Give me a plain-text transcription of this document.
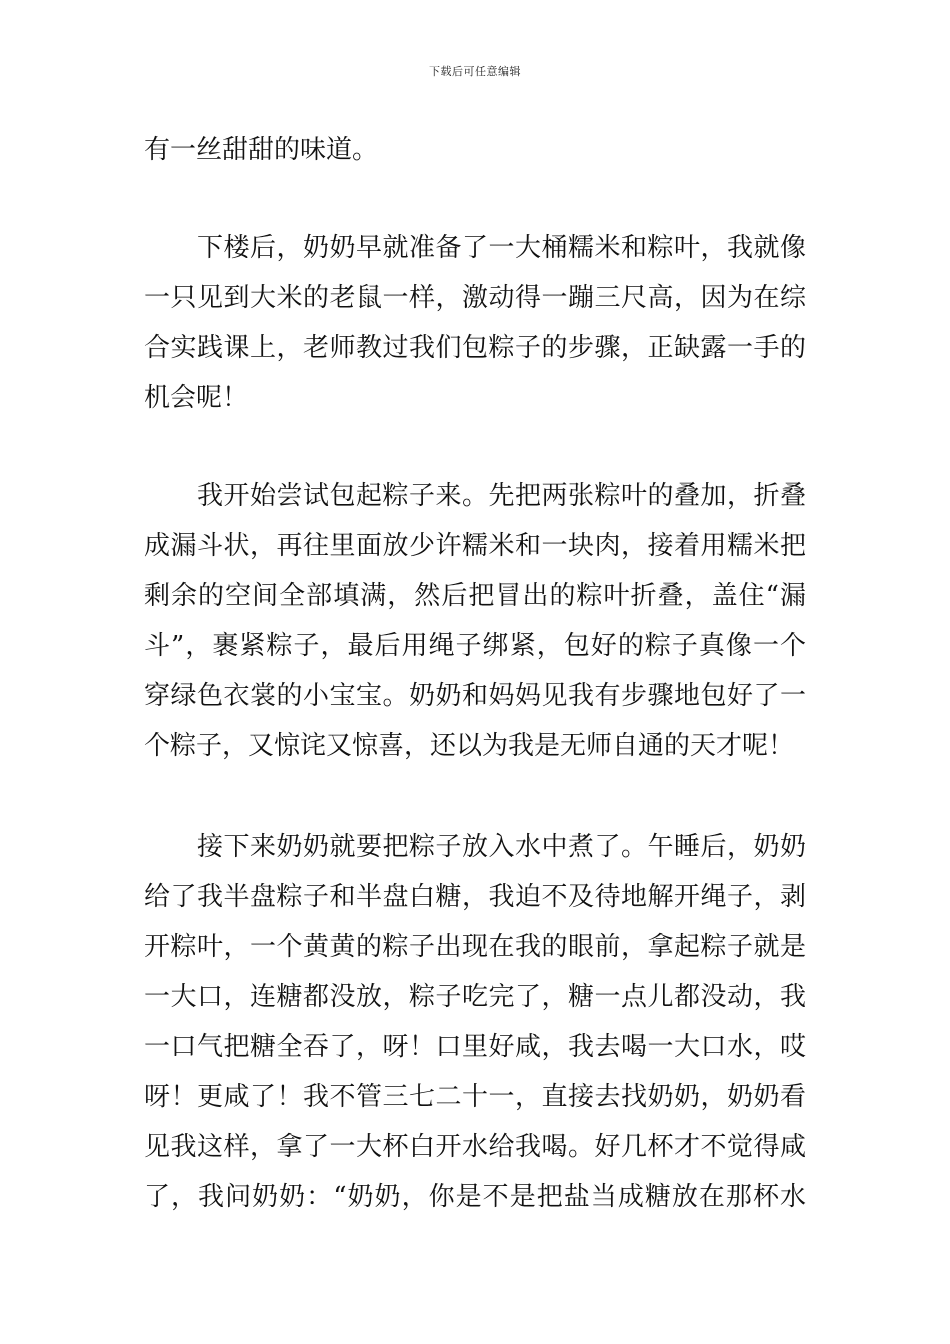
下载后可任意编辑
有一丝甜甜的味道。
　　下楼后，奶奶早就准备了一大桶糯米和粽叶，我就像
一只见到大米的老鼠一样，激动得一蹦三尺高，因为在综
合实践课上，老师教过我们包粽子的步骤，正缺露一手的
机会呢！
　　我开始尝试包起粽子来。先把两张粽叶的叠加，折叠
成漏斗状，再往里面放少许糯米和一块肉，接着用糯米把
剩余的空间全部填满，然后把冒出的粽叶折叠，盖住“漏
斗”，裹紧粽子，最后用绳子绑紧，包好的粽子真像一个
穿绿色衣裳的小宝宝。奶奶和妈妈见我有步骤地包好了一
个粽子，又惊诧又惊喜，还以为我是无师自通的天才呢！
　　接下来奶奶就要把粽子放入水中煮了。午睡后，奶奶
给了我半盘粽子和半盘白糖，我迫不及待地解开绳子，剥
开粽叶，一个黄黄的粽子出现在我的眼前，拿起粽子就是
一大口，连糖都没放，粽子吃完了，糖一点儿都没动，我
一口气把糖全吞了，呀！口里好咸，我去喝一大口水，哎
呀！更咸了！我不管三七二十一，直接去找奶奶，奶奶看
见我这样，拿了一大杯白开水给我喝。好几杯才不觉得咸
了，我问奶奶：“奶奶，你是不是把盐当成糖放在那杯水
